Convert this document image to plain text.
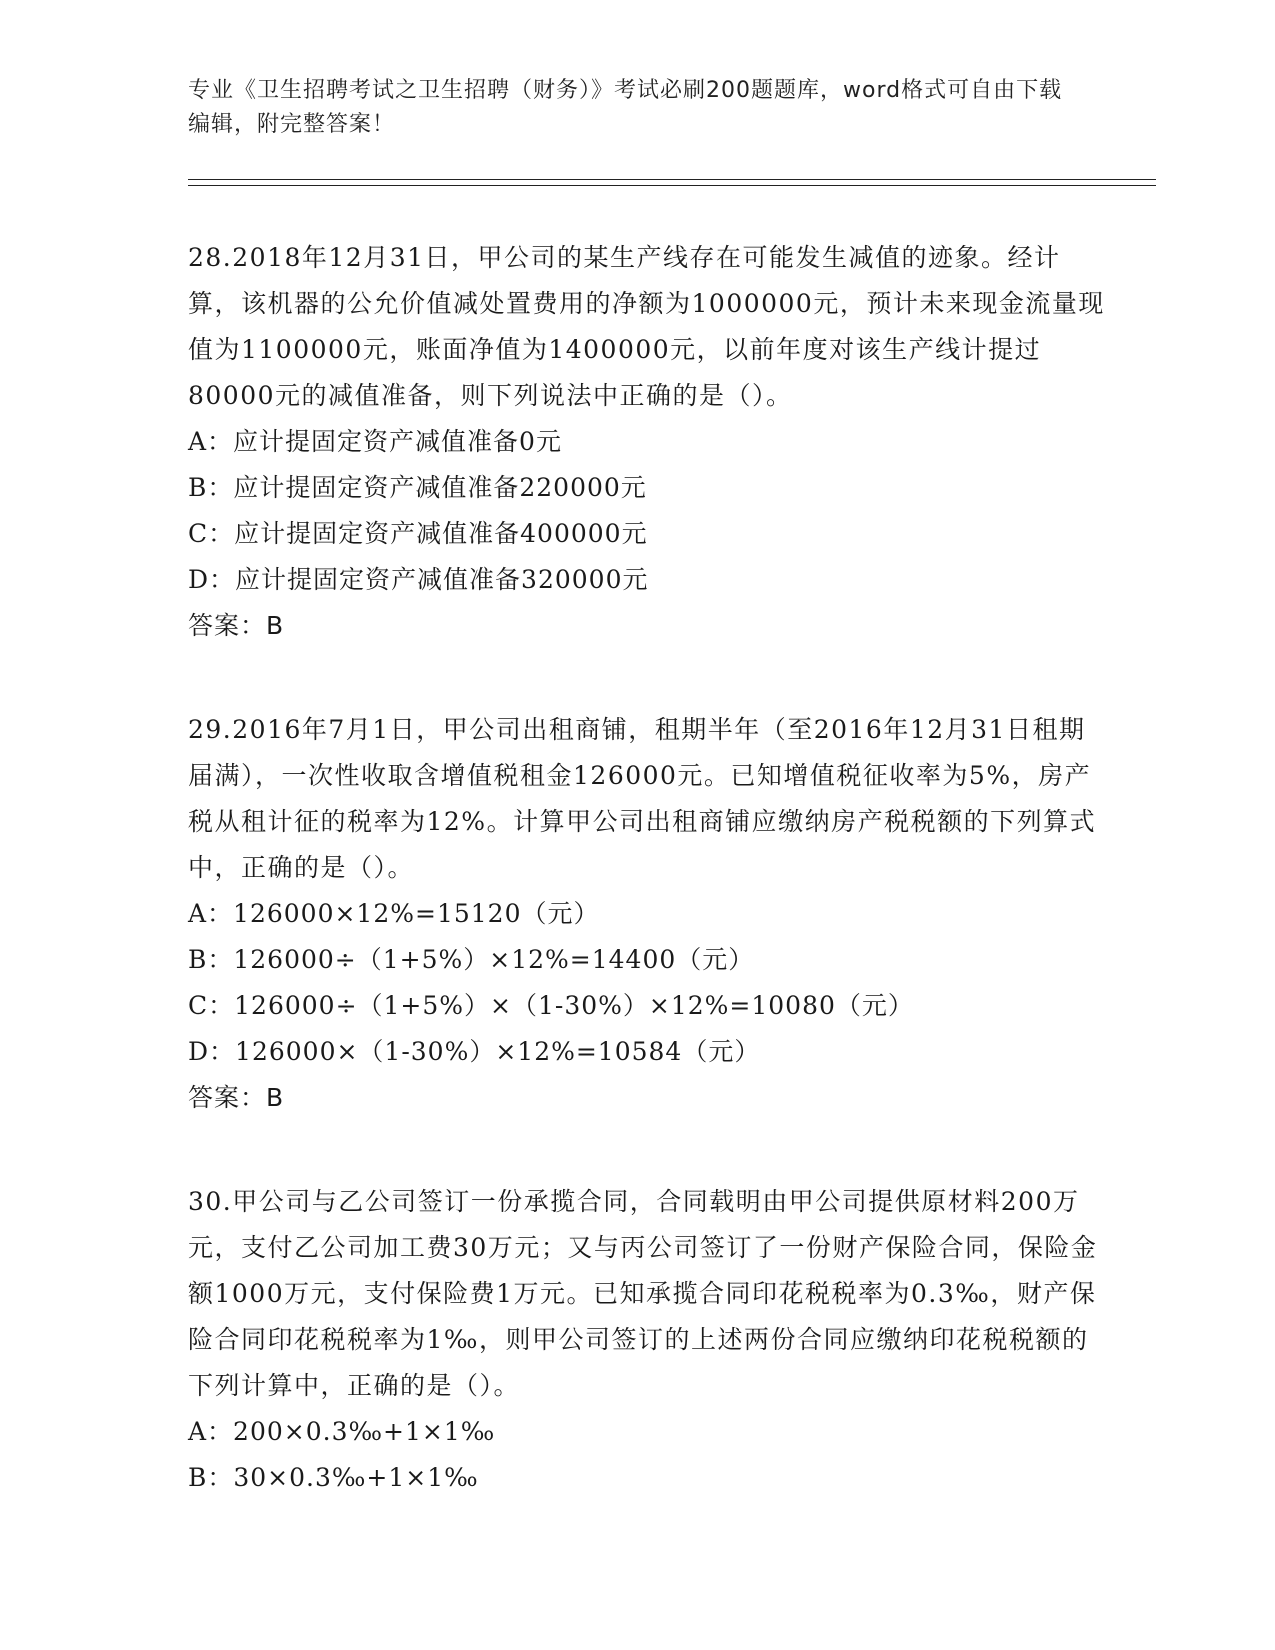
专业《卫生招聘考试之卫生招聘（财务）》考试必刷200题题库，word格式可自由下载编辑，附完整答案！

28.2018年12月31日，甲公司的某生产线存在可能发生减值的迹象。经计算，该机器的公允价值减处置费用的净额为1000000元，预计未来现金流量现值为1100000元，账面净值为1400000元，以前年度对该生产线计提过80000元的减值准备，则下列说法中正确的是（）。

A：应计提固定资产减值准备0元

B：应计提固定资产减值准备220000元

C：应计提固定资产减值准备400000元

D：应计提固定资产减值准备320000元

答案：B

29.2016年7月1日，甲公司出租商铺，租期半年（至2016年12月31日租期届满），一次性收取含增值税租金126000元。已知增值税征收率为5%，房产税从租计征的税率为12%。计算甲公司出租商铺应缴纳房产税税额的下列算式中，正确的是（）。

A：126000×12%=15120（元）

B：126000÷（1+5%）×12%=14400（元）

C：126000÷（1+5%）×（1-30%）×12%=10080（元）

D：126000×（1-30%）×12%=10584（元）

答案：B

30.甲公司与乙公司签订一份承揽合同，合同载明由甲公司提供原材料200万元，支付乙公司加工费30万元；又与丙公司签订了一份财产保险合同，保险金额1000万元，支付保险费1万元。已知承揽合同印花税税率为0.3‰，财产保险合同印花税税率为1‰，则甲公司签订的上述两份合同应缴纳印花税税额的下列计算中，正确的是（）。

A：200×0.3‰+1×1‰

B：30×0.3‰+1×1‰
